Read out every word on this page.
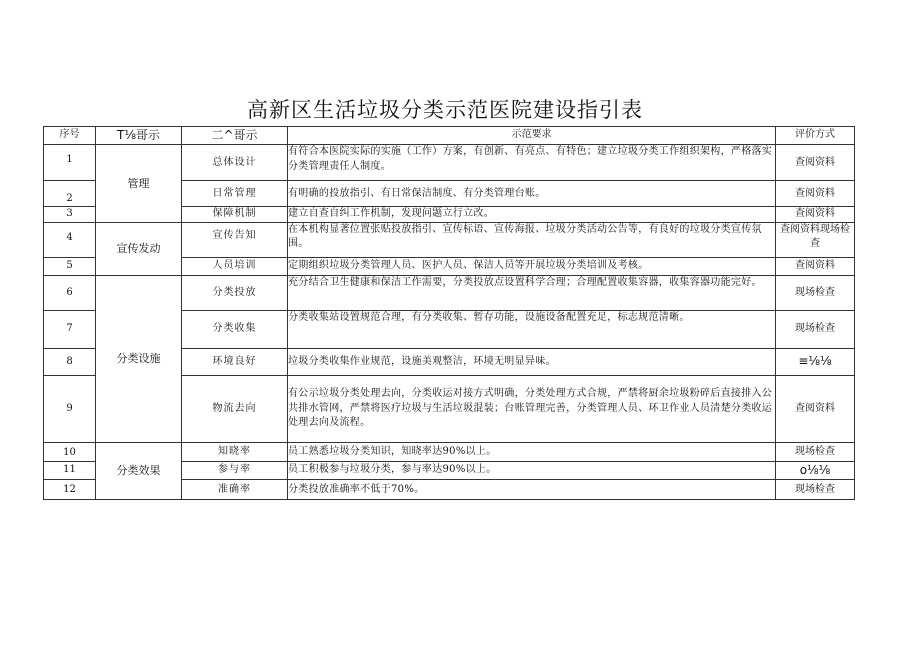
高新区生活垃圾分类示范医院建设指引表
序号	T⅛哥示	二^哥示	示范要求	评价方式
1	管理	总体设计	有符合本医院实际的实施（工作）方案，有创新、有亮点、有特色；建立垃圾分类工作组织架构，严格落实分类管理责任人制度。	查阅资料
2		日常管理	有明确的投放指引、有日常保洁制度、有分类管理台账。	查阅资料
3		保障机制	建立自查自纠工作机制，发现问题立行立改。	查阅资料
4	宣传发动	宣传告知	在本机构显著位置张贴投放指引、宣传标语、宣传海报、垃圾分类活动公告等，有良好的垃圾分类宣传氛围。	查阅资料现场检查
5		人员培训	定期组织垃圾分类管理人员、医护人员、保洁人员等开展垃圾分类培训及考核。	查阅资料
6	分类设施	分类投放	充分结合卫生健康和保洁工作需要，分类投放点设置科学合理；合理配置收集容器，收集容器功能完好。	现场检查
7		分类收集	分类收集站设置规范合理，有分类收集、暂存功能，设施设备配置充足，标志规范清晰。	现场检查
8		环境良好	垃圾分类收集作业规范，设施美观整洁，环境无明显异味。	≡⅛⅛
9		物流去向	有公示垃圾分类处理去向，分类收运对接方式明确，分类处理方式合规，严禁将厨余垃圾粉碎后直接排入公共排水管网，严禁将医疗垃圾与生活垃圾混装；台账管理完善，分类管理人员、环卫作业人员清楚分类收运处理去向及流程。	查阅资料
10	分类效果	知晓率	员工熟悉垃圾分类知识，知晓率达90%以上。	现场检查
11		参与率	员工积极参与垃圾分类，参与率达90%以上。	o⅛⅛
12		准确率	分类投放准确率不低于70%。	现场检查
